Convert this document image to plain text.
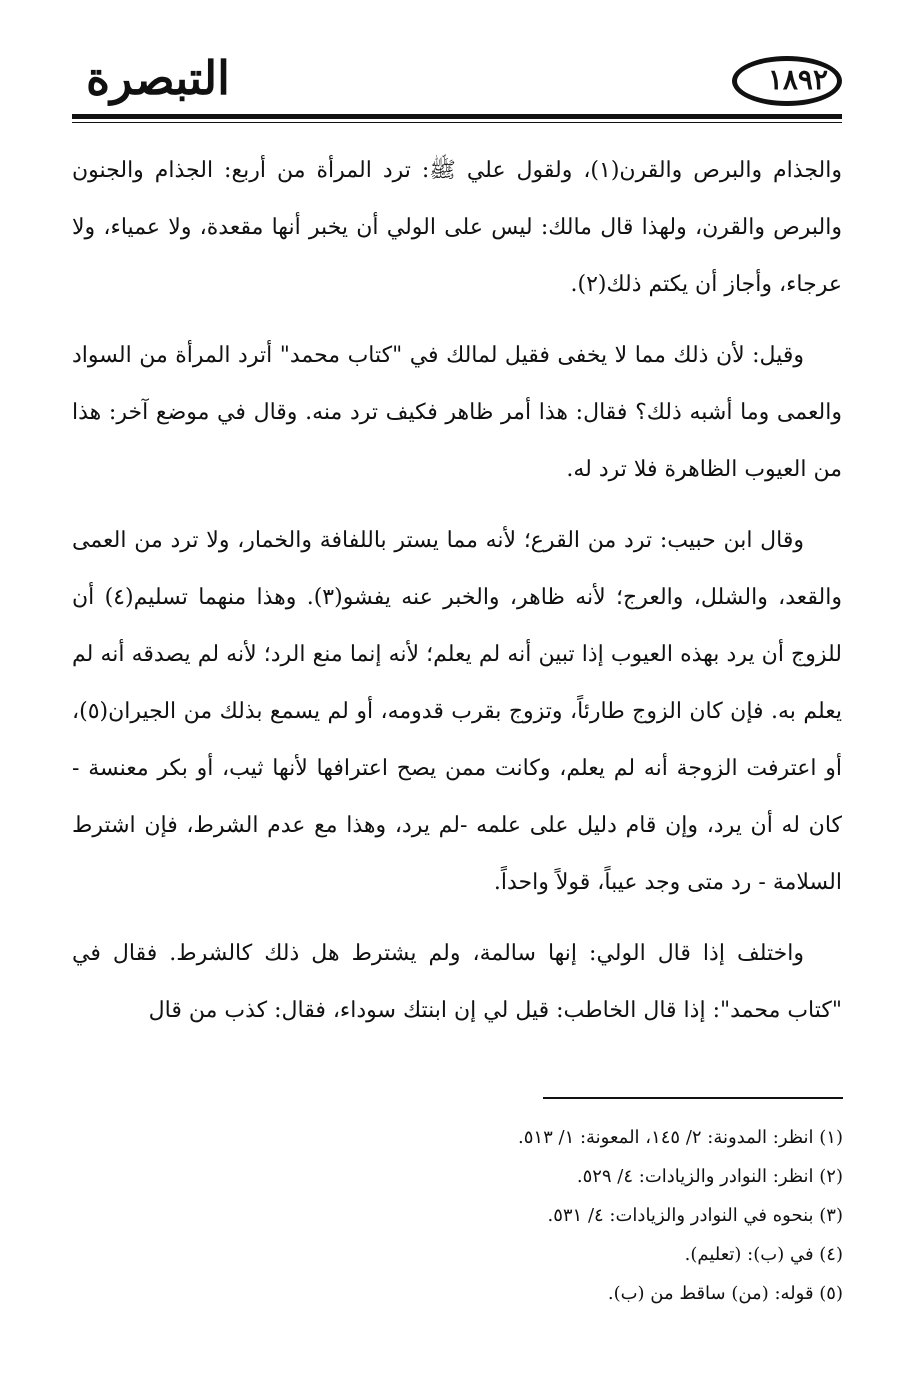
التبصرة	١٨٩٢

والجذام والبرص والقرن(١)، ولقول علي ﷺ: ترد المرأة من أربع: الجذام والجنون والبرص والقرن، ولهذا قال مالك: ليس على الولي أن يخبر أنها مقعدة، ولا عمياء، ولا عرجاء، وأجاز أن يكتم ذلك(٢).

وقيل: لأن ذلك مما لا يخفى فقيل لمالك في "كتاب محمد" أترد المرأة من السواد والعمى وما أشبه ذلك؟ فقال: هذا أمر ظاهر فكيف ترد منه. وقال في موضع آخر: هذا من العيوب الظاهرة فلا ترد له.

وقال ابن حبيب: ترد من القرع؛ لأنه مما يستر باللفافة والخمار، ولا ترد من العمى والقعد، والشلل، والعرج؛ لأنه ظاهر، والخبر عنه يفشو(٣). وهذا منهما تسليم(٤) أن للزوج أن يرد بهذه العيوب إذا تبين أنه لم يعلم؛ لأنه إنما منع الرد؛ لأنه لم يصدقه أنه لم يعلم به. فإن كان الزوج طارئاً، وتزوج بقرب قدومه، أو لم يسمع بذلك من الجيران(٥)، أو اعترفت الزوجة أنه لم يعلم، وكانت ممن يصح اعترافها لأنها ثيب، أو بكر معنسة - كان له أن يرد، وإن قام دليل على علمه -لم يرد، وهذا مع عدم الشرط، فإن اشترط السلامة - رد متى وجد عيباً، قولاً واحداً.

واختلف إذا قال الولي: إنها سالمة، ولم يشترط هل ذلك كالشرط. فقال في "كتاب محمد": إذا قال الخاطب: قيل لي إن ابنتك سوداء، فقال: كذب من قال

(١) انظر: المدونة: ٢/ ١٤٥، المعونة: ١/ ٥١٣.
(٢) انظر: النوادر والزيادات: ٤/ ٥٢٩.
(٣) بنحوه في النوادر والزيادات: ٤/ ٥٣١.
(٤) في (ب): (تعليم).
(٥) قوله: (من) ساقط من (ب).
